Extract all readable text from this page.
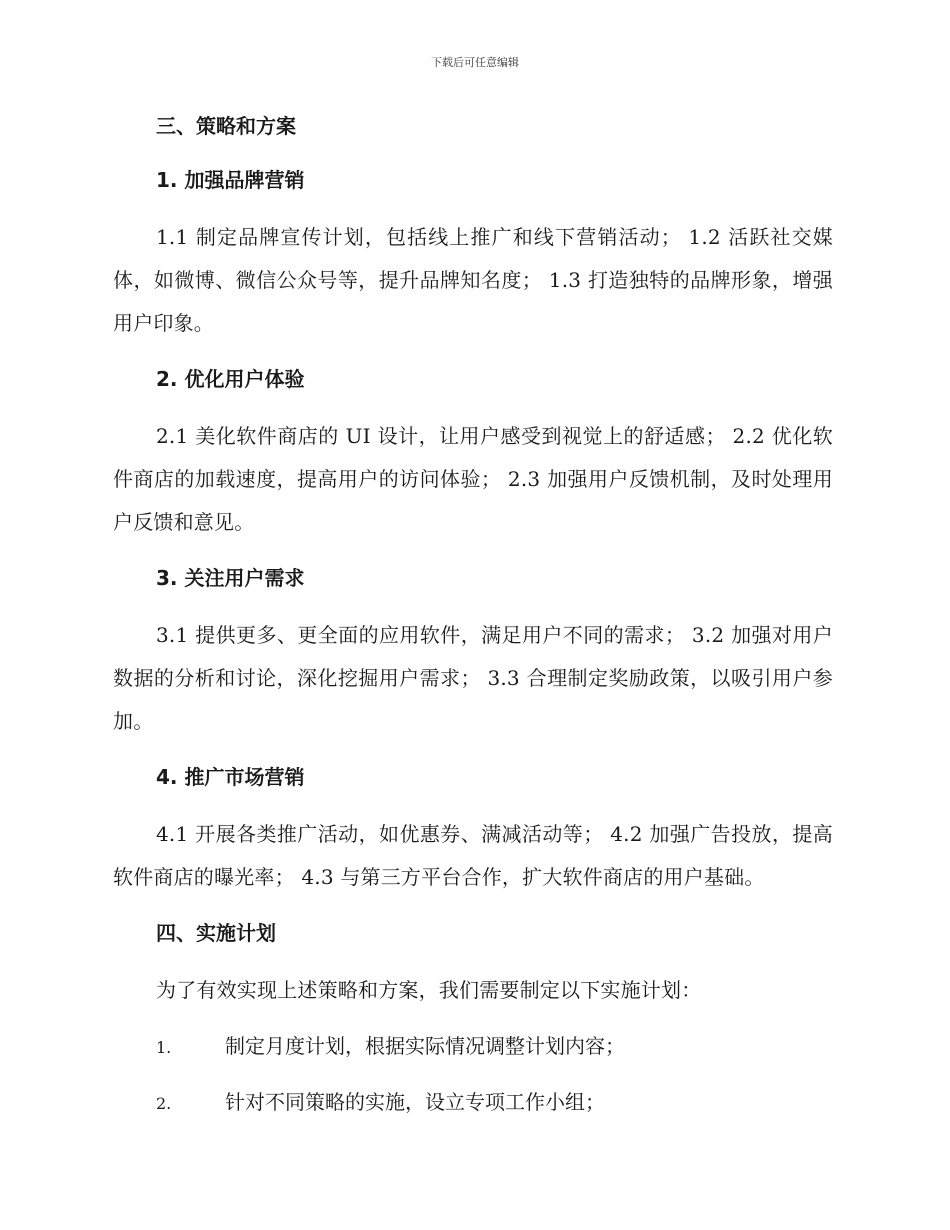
下载后可任意编辑
三、策略和方案
1. 加强品牌营销

1.1 制定品牌宣传计划，包括线上推广和线下营销活动； 1.2 活跃社交媒体，如微博、微信公众号等，提升品牌知名度； 1.3 打造独特的品牌形象，增强用户印象。

2. 优化用户体验

2.1 美化软件商店的 UI 设计，让用户感受到视觉上的舒适感； 2.2 优化软件商店的加载速度，提高用户的访问体验； 2.3 加强用户反馈机制，及时处理用户反馈和意见。

3. 关注用户需求

3.1 提供更多、更全面的应用软件，满足用户不同的需求； 3.2 加强对用户数据的分析和讨论，深化挖掘用户需求； 3.3 合理制定奖励政策，以吸引用户参加。

4. 推广市场营销

4.1 开展各类推广活动，如优惠券、满减活动等； 4.2 加强广告投放，提高软件商店的曝光率； 4.3 与第三方平台合作，扩大软件商店的用户基础。

四、实施计划

为了有效实现上述策略和方案，我们需要制定以下实施计划：

1.	制定月度计划，根据实际情况调整计划内容；
2.	针对不同策略的实施，设立专项工作小组；
